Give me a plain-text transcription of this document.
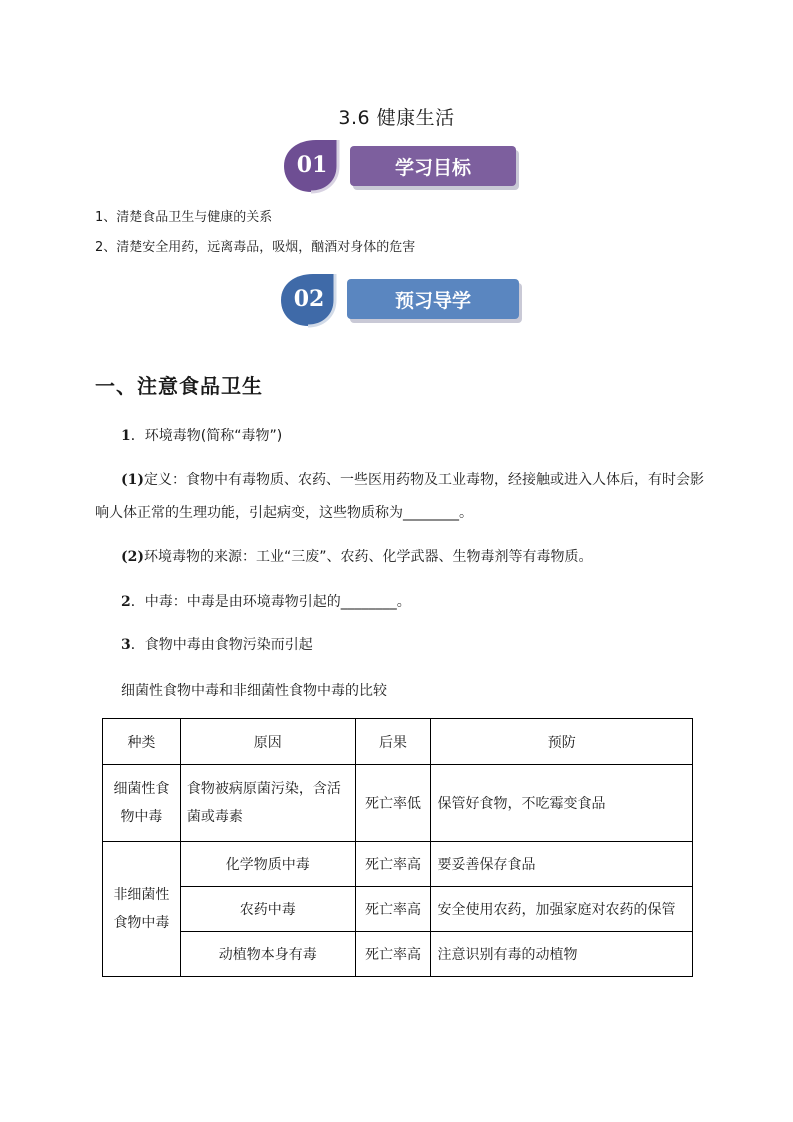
3.6 健康生活
01	学习目标
1、清楚食品卫生与健康的关系
2、清楚安全用药，远离毒品，吸烟，酗酒对身体的危害
02	预习导学
一、注意食品卫生
1．环境毒物(简称“毒物”)
(1)定义：食物中有毒物质、农药、一些医用药物及工业毒物，经接触或进入人体后，有时会影
响人体正常的生理功能，引起病变，这些物质称为________。
(2)环境毒物的来源：工业“三废”、农药、化学武器、生物毒剂等有毒物质。
2．中毒：中毒是由环境毒物引起的________。
3．食物中毒由食物污染而引起
细菌性食物中毒和非细菌性食物中毒的比较
种类	原因	后果	预防
细菌性食物中毒	食物被病原菌污染，含活菌或毒素	死亡率低	保管好食物，不吃霉变食品
非细菌性食物中毒	化学物质中毒	死亡率高	要妥善保存食品
	农药中毒	死亡率高	安全使用农药，加强家庭对农药的保管
	动植物本身有毒	死亡率高	注意识别有毒的动植物
